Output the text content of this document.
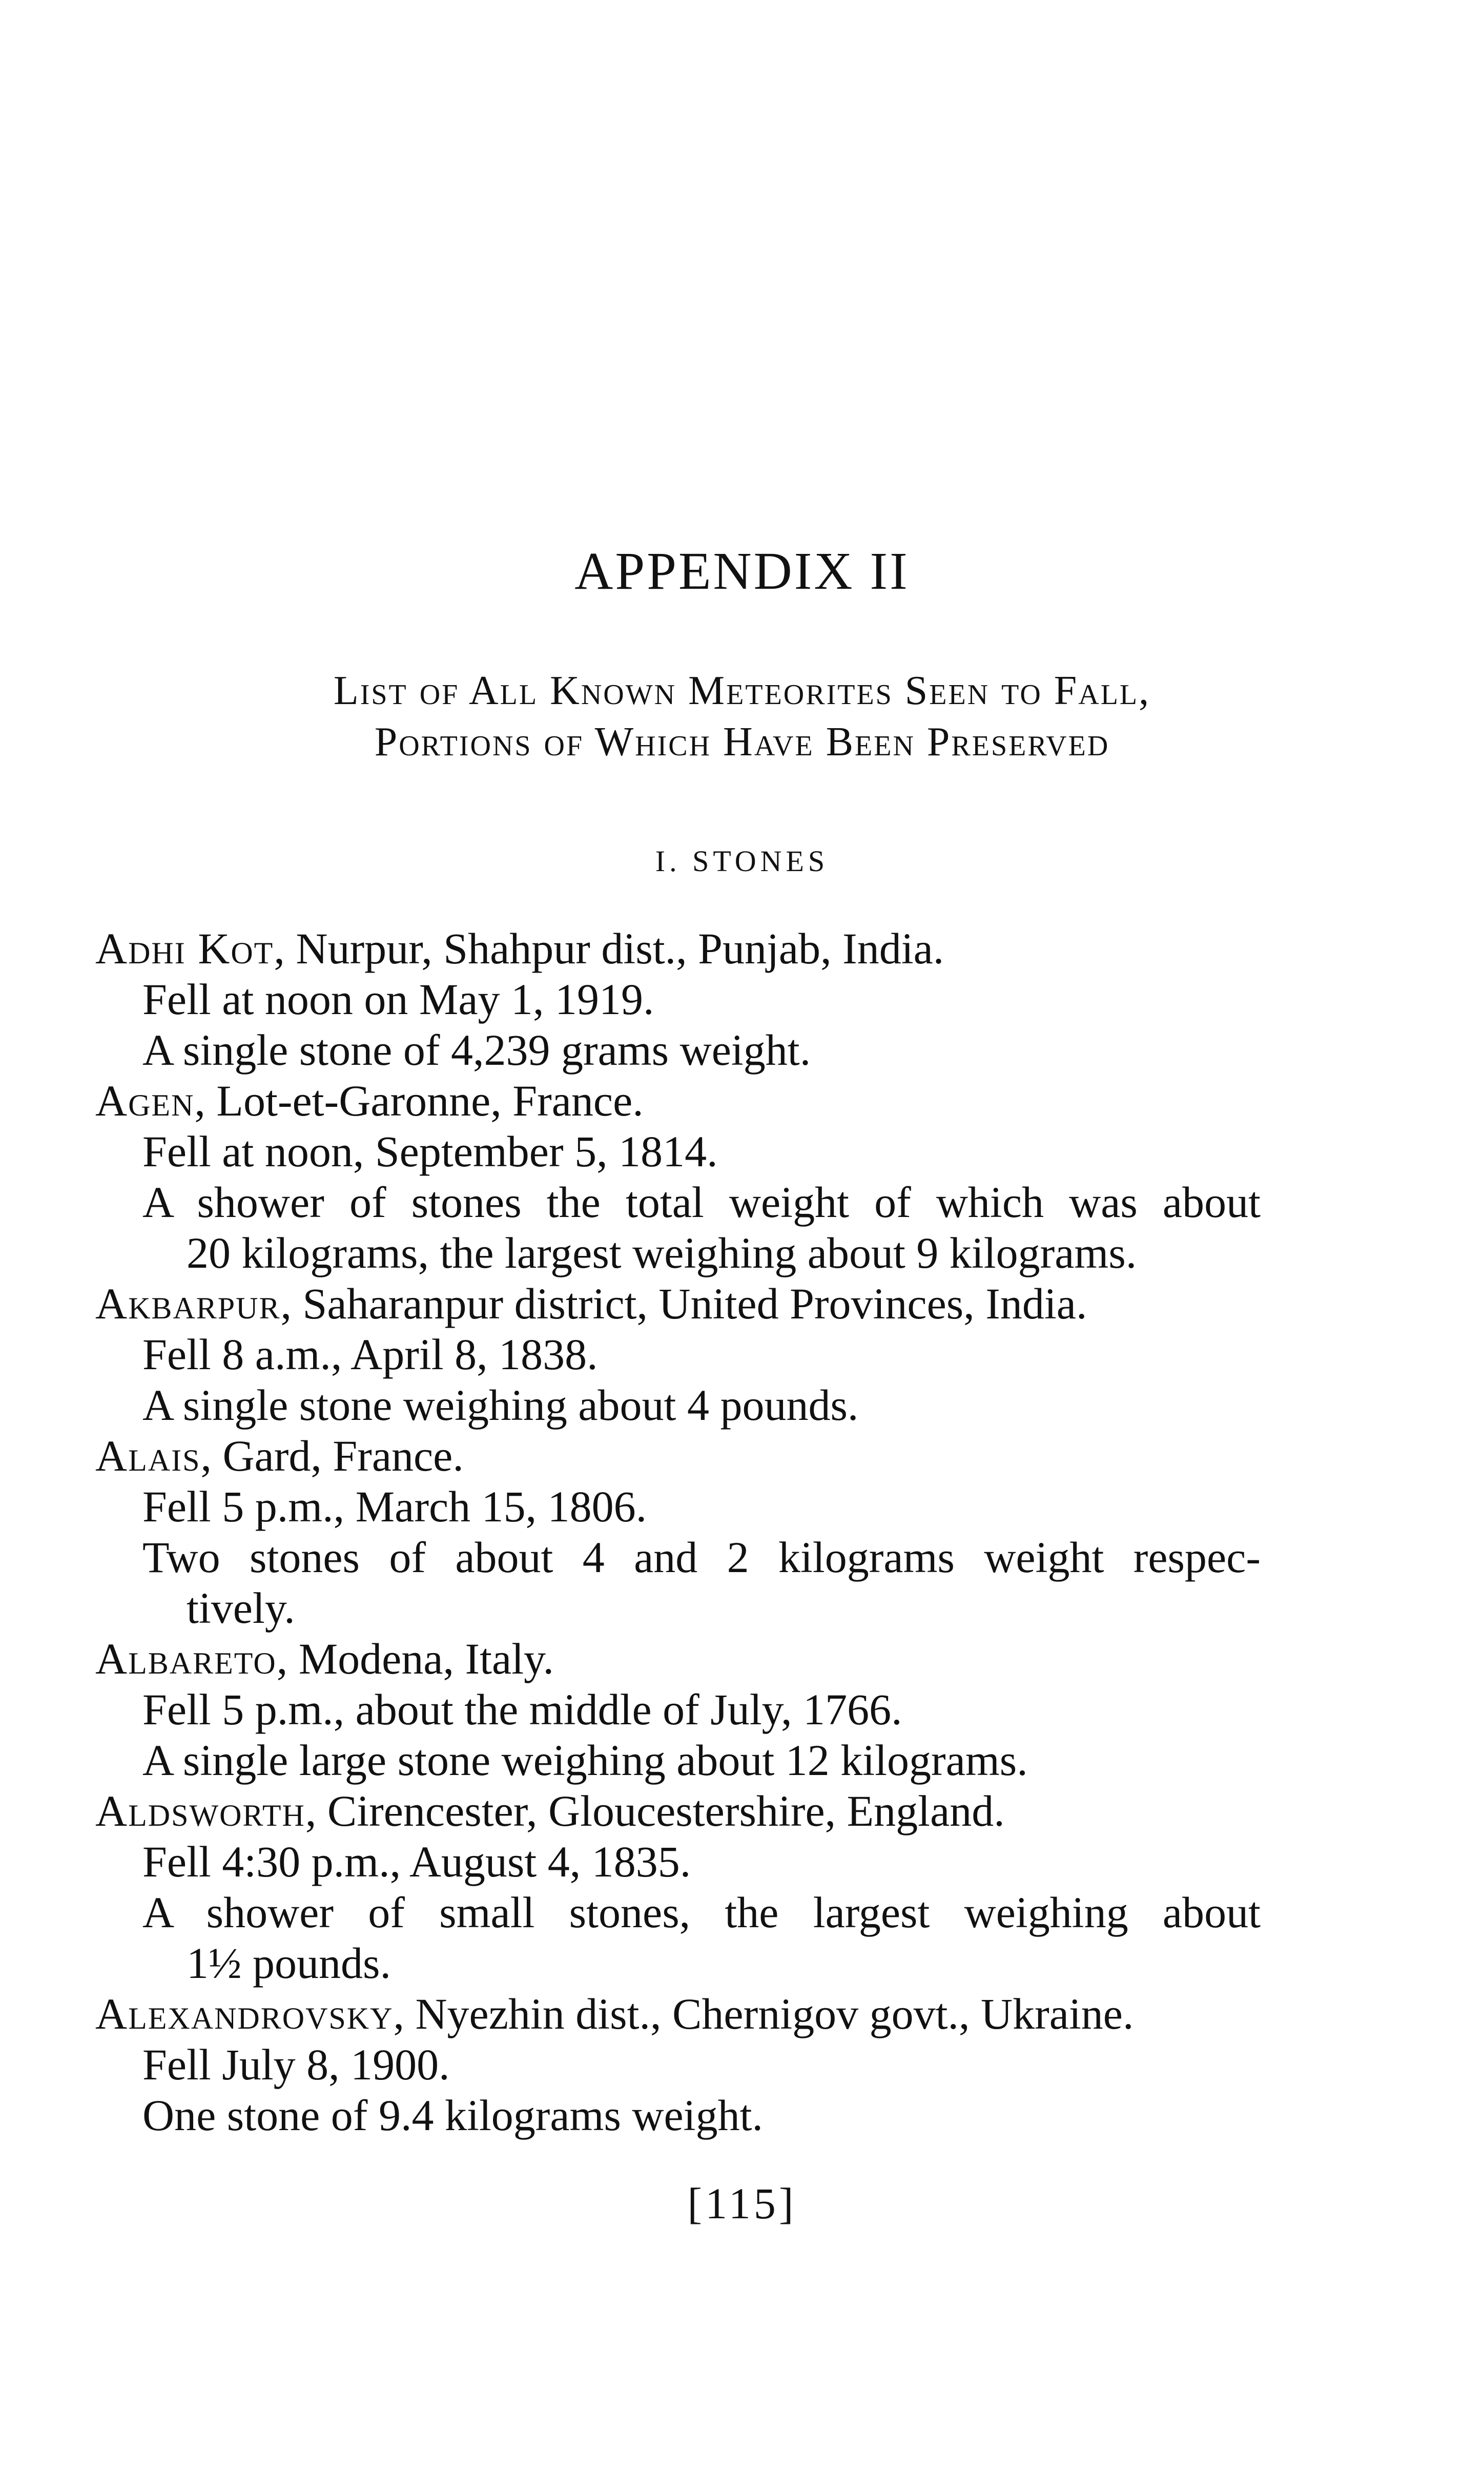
APPENDIX II
List of All Known Meteorites Seen to Fall,
Portions of Which Have Been Preserved
I. STONES
Adhi Kot, Nurpur, Shahpur dist., Punjab, India.
Fell at noon on May 1, 1919.
A single stone of 4,239 grams weight.
Agen, Lot-et-Garonne, France.
Fell at noon, September 5, 1814.
A shower of stones the total weight of which was about
20 kilograms, the largest weighing about 9 kilograms.
Akbarpur, Saharanpur district, United Provinces, India.
Fell 8 a.m., April 8, 1838.
A single stone weighing about 4 pounds.
Alais, Gard, France.
Fell 5 p.m., March 15, 1806.
Two stones of about 4 and 2 kilograms weight respec-
tively.
Albareto, Modena, Italy.
Fell 5 p.m., about the middle of July, 1766.
A single large stone weighing about 12 kilograms.
Aldsworth, Cirencester, Gloucestershire, England.
Fell 4:30 p.m., August 4, 1835.
A shower of small stones, the largest weighing about
1½ pounds.
Alexandrovsky, Nyezhin dist., Chernigov govt., Ukraine.
Fell July 8, 1900.
One stone of 9.4 kilograms weight.
[115]
